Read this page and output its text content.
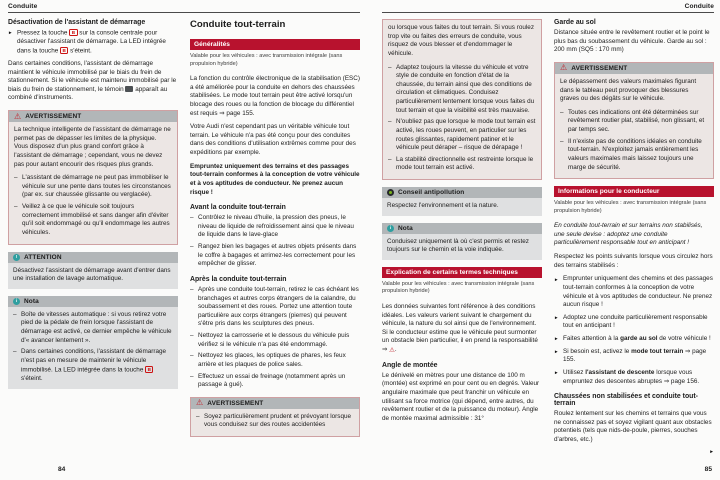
Conduite
Désactivation de l'assistant de démarrage
► Pressez la touche B sur la console centrale pour désactiver l'assistant de démarrage. La LED intégrée dans la touche B s'éteint.
Dans certaines conditions, l'assistant de démarrage maintient le véhicule immobilisé par le biais du frein de stationnement. Si le véhicule est maintenu immobilisé par le biais du frein de stationnement, le témoin  apparaît au combiné d'instruments.
⚠ AVERTISSEMENT
La technique intelligente de l'assistant de démarrage ne permet pas de dépasser les limites de la physique. Vous disposez d'un plus grand confort grâce à l'assistant de démarrage ; cependant, vous ne devez pas pour autant encourir des risques plus grands.
– L'assistant de démarrage ne peut pas immobiliser le véhicule sur une pente dans toutes les circonstances (par ex. sur chaussée glissante ou verglacée).
– Veillez à ce que le véhicule soit toujours correctement immobilisé et sans danger afin d'éviter qu'il soit endommagé ou qu'il endommage les autres véhicules.
!	ATTENTION
Désactivez l'assistant de démarrage avant d'entrer dans une installation de lavage automatique.
i	Nota
– Boîte de vitesses automatique : si vous retirez votre pied de la pédale de frein lorsque l'assistant de démarrage est activé, ce dernier empêche le véhicule d'« avancer lentement ».
– Dans certaines conditions, l'assistant de démarrage n'est pas en mesure de maintenir le véhicule immobilisé. La LED intégrée dans la touche B s'éteint.
Conduite tout-terrain
Généralités
Valable pour les véhicules : avec transmission intégrale (sans propulsion hybride)
La fonction du contrôle électronique de la stabilisation (ESC) a été améliorée pour la conduite en dehors des chaussées stabilisées. Le mode tout terrain peut être activé lorsqu'un blocage des roues ou la fonction de blocage du différentiel est requis ⇒ page 155.
Votre Audi n'est cependant pas un véritable véhicule tout terrain. Le véhicule n'a pas été conçu pour des conduites dans des conditions d'utilisation extrêmes comme pour des expéditions par exemple.
Empruntez uniquement des terrains et des passages tout-terrain conformes à la conception de votre véhicule et à vos aptitudes de conducteur. Ne prenez aucun risque !
Avant la conduite tout-terrain
– Contrôlez le niveau d'huile, la pression des pneus, le niveau de liquide de refroidissement ainsi que le niveau de liquide dans le lave-glace
– Rangez bien les bagages et autres objets présents dans le coffre à bagages et arrimez-les correctement pour les empêcher de glisser.
Après la conduite tout-terrain
– Après une conduite tout-terrain, retirez le cas échéant les branchages et autres corps étrangers de la calandre, du soubassement et des roues. Portez une attention toute particulière aux corps étrangers (pierres) qui peuvent s'être pris dans les sculptures des pneus.
– Nettoyez la carrosserie et le dessous du véhicule puis vérifiez si le véhicule n'a pas été endommagé.
– Nettoyez les glaces, les optiques de phares, les feux arrière et les plaques de police sales.
– Effectuez un essai de freinage (notamment après un passage à gué).
⚠ AVERTISSEMENT
– Soyez particulièrement prudent et prévoyant lorsque vous conduisez sur des routes accidentées
84
Conduite
ou lorsque vous faites du tout terrain. Si vous roulez trop vite ou faites des erreurs de conduite, vous risquez de vous blesser et d'endommager le véhicule.
– Adaptez toujours la vitesse du véhicule et votre style de conduite en fonction d'état de la chaussée, du terrain ainsi que des conditions de circulation et climatiques. Conduisez particulièrement lentement lorsque vous faites du tout terrain et que la visibilité est très mauvaise.
– N'oubliez pas que lorsque le mode tout terrain est activé, les roues peuvent, en particulier sur les routes glissantes, rapidement patiner et le véhicule peut déraper – risque de dérapage !
– La stabilité directionnelle est restreinte lorsque le mode tout terrain est activé.
Conseil antipollution
Respectez l'environnement et la nature.
i	Nota
Conduisez uniquement là où c'est permis et restez toujours sur le chemin et la voie indiquée.
Explication de certains termes techniques
Valable pour les véhicules : avec transmission intégrale (sans propulsion hybride)
Les données suivantes font référence à des conditions idéales. Les valeurs varient suivant le chargement du véhicule, la nature du sol ainsi que de l'environnement. Si le conducteur estime que le véhicule peut surmonter un obstacle bien particulier, il en prend la responsabilité ⇒ ⚠.
Angle de montée
Le dénivelé en mètres pour une distance de 100 m (montée) est exprimé en pour cent ou en degrés. Valeur angulaire maximale que peut franchir un véhicule en utilisant sa force motrice (qui dépend, entre autres, du revêtement routier et de la puissance du moteur). Angle de montée maximal admissible : 31°
Garde au sol
Distance située entre le revêtement routier et le point le plus bas du soubassement du véhicule. Garde au sol : 200 mm (SQ5 : 170 mm)
⚠ AVERTISSEMENT
Le dépassement des valeurs maximales figurant dans le tableau peut provoquer des blessures graves ou des dégâts sur le véhicule.
– Toutes ces indications ont été déterminées sur revêtement routier plat, stabilisé, non glissant, et par temps sec.
– Il n'existe pas de conditions idéales en conduite tout-terrain. N'exploitez jamais entièrement les valeurs maximales mais laissez toujours une marge de sécurité.
Informations pour le conducteur
Valable pour les véhicules : avec transmission intégrale (sans propulsion hybride)
En conduite tout-terrain et sur terrains non stabilisés, une seule devise : adoptez une conduite particulièrement responsable tout en anticipant !
Respectez les points suivants lorsque vous circulez hors des terrains stabilisés :
► Emprunter uniquement des chemins et des passages tout-terrain conformes à la conception de votre véhicule et à vos aptitudes de conducteur. Ne prenez aucun risque !
► Adoptez une conduite particulièrement responsable tout en anticipant !
► Faites attention à la garde au sol de votre véhicule !
► Si besoin est, activez le mode tout terrain ⇒ page 155.
► Utilisez l'assistant de descente lorsque vous empruntez des descentes abruptes ⇒ page 156.
Chaussées non stabilisées et conduite tout-terrain
Roulez lentement sur les chemins et terrains que vous ne connaissez pas et soyez vigilant quant aux obstacles potentiels (tels que nids-de-poule, pierres, souches d'arbres, etc.)
►
85
